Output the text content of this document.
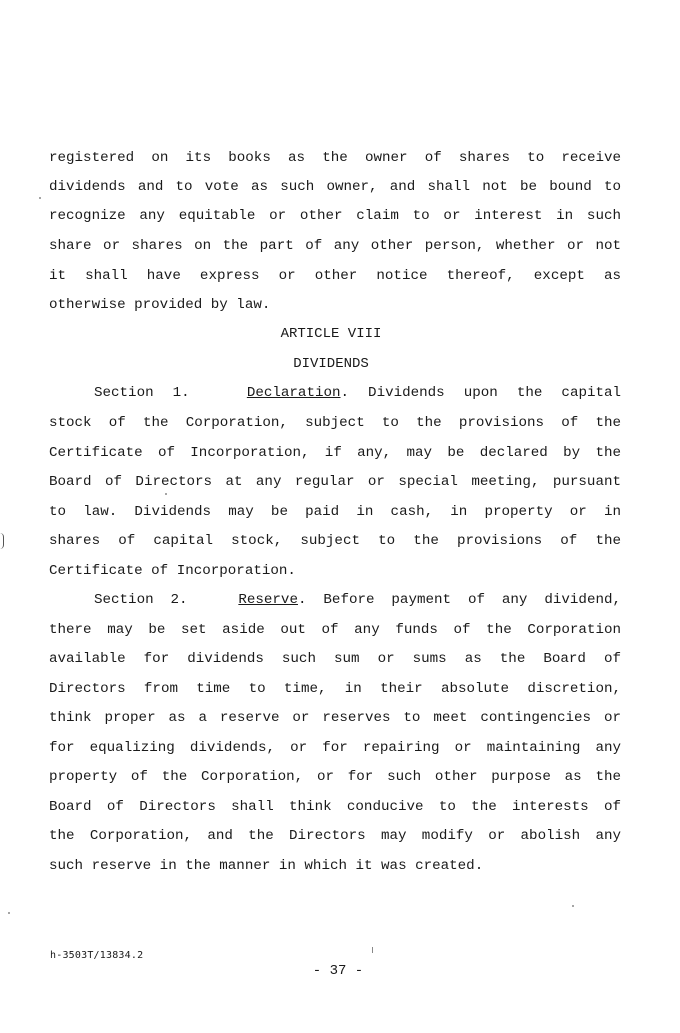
registered on its books as the owner of shares to receive
dividends and to vote as such owner, and shall not be bound to
recognize any equitable or other claim to or interest in such
share or shares on the part of any other person, whether or not
it shall have express or other notice thereof, except as
otherwise provided by law.
ARTICLE VIII
DIVIDENDS
Section 1.	Declaration. Dividends upon the capital
stock of the Corporation, subject to the provisions of the
Certificate of Incorporation, if any, may be declared by the
Board of Directors at any regular or special meeting, pursuant
to law. Dividends may be paid in cash, in property or in
shares of capital stock, subject to the provisions of the
Certificate of Incorporation.
Section 2.	Reserve. Before payment of any dividend,
there may be set aside out of any funds of the Corporation
available for dividends such sum or sums as the Board of
Directors from time to time, in their absolute discretion,
think proper as a reserve or reserves to meet contingencies or
for equalizing dividends, or for repairing or maintaining any
property of the Corporation, or for such other purpose as the
Board of Directors shall think conducive to the interests of
the Corporation, and the Directors may modify or abolish any
such reserve in the manner in which it was created.
h-3503T/13834.2
- 37 -
